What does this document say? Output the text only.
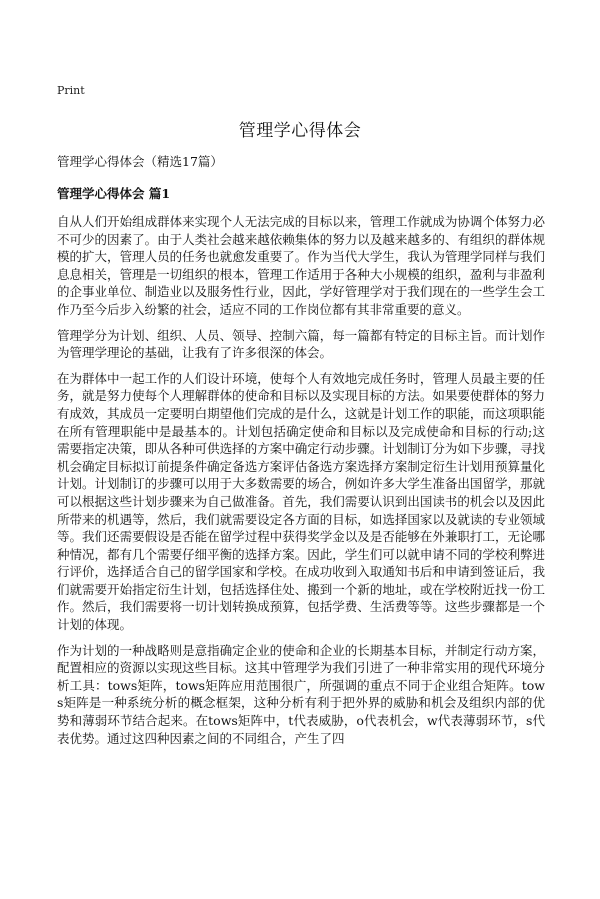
Print
管理学心得体会

管理学心得体会（精选17篇）

管理学心得体会 篇1

自从人们开始组成群体来实现个人无法完成的目标以来，管理工作就成为协调个体努力必不可少的因素了。由于人类社会越来越依赖集体的努力以及越来越多的、有组织的群体规模的扩大，管理人员的任务也就愈发重要了。作为当代大学生，我认为管理学同样与我们息息相关，管理是一切组织的根本，管理工作适用于各种大小规模的组织，盈利与非盈利的企事业单位、制造业以及服务性行业，因此，学好管理学对于我们现在的一些学生会工作乃至今后步入纷繁的社会，适应不同的工作岗位都有其非常重要的意义。

管理学分为计划、组织、人员、领导、控制六篇，每一篇都有特定的目标主旨。而计划作为管理学理论的基础，让我有了许多很深的体会。

在为群体中一起工作的人们设计环境，使每个人有效地完成任务时，管理人员最主要的任务，就是努力使每个人理解群体的使命和目标以及实现目标的方法。如果要使群体的努力有成效，其成员一定要明白期望他们完成的是什么，这就是计划工作的职能，而这项职能在所有管理职能中是最基本的。计划包括确定使命和目标以及完成使命和目标的行动;这需要指定决策，即从各种可供选择的方案中确定行动步骤。计划制订分为如下步骤，寻找机会确定目标拟订前提条件确定备选方案评估备选方案选择方案制定衍生计划用预算量化计划。计划制订的步骤可以用于大多数需要的场合，例如许多大学生准备出国留学，那就可以根据这些计划步骤来为自己做准备。首先，我们需要认识到出国读书的机会以及因此所带来的机遇等，然后，我们就需要设定各方面的目标，如选择国家以及就读的专业领域等。我们还需要假设是否能在留学过程中获得奖学金以及是否能够在外兼职打工，无论哪种情况，都有几个需要仔细平衡的选择方案。因此，学生们可以就申请不同的学校利弊进行评价，选择适合自己的留学国家和学校。在成功收到入取通知书后和申请到签证后，我们就需要开始指定衍生计划，包括选择住处、搬到一个新的地址，或在学校附近找一份工作。然后，我们需要将一切计划转换成预算，包括学费、生活费等等。这些步骤都是一个计划的体现。

作为计划的一种战略则是意指确定企业的使命和企业的长期基本目标，并制定行动方案，配置相应的资源以实现这些目标。这其中管理学为我们引进了一种非常实用的现代环境分析工具：tows矩阵，tows矩阵应用范围很广，所强调的重点不同于企业组合矩阵。tows矩阵是一种系统分析的概念框架，这种分析有利于把外界的威胁和机会及组织内部的优势和薄弱环节结合起来。在tows矩阵中，t代表威胁，o代表机会，w代表薄弱环节，s代表优势。通过这四种因素之间的不同组合，产生了四
